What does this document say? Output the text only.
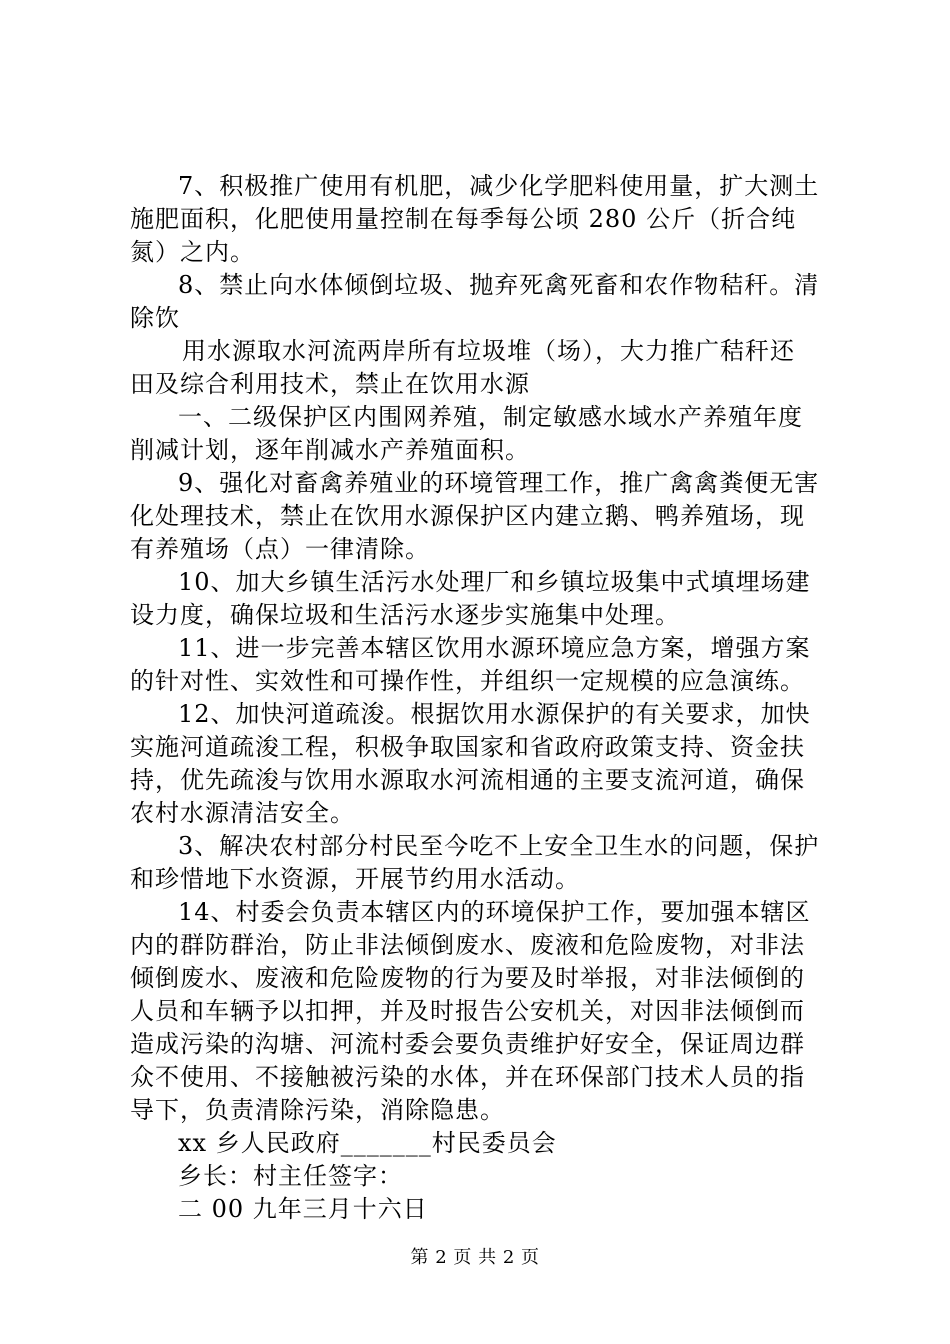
7、积极推广使用有机肥，减少化学肥料使用量，扩大测土
施肥面积，化肥使用量控制在每季每公顷 280 公斤（折合纯
氮）之内。

8、禁止向水体倾倒垃圾、抛弃死禽死畜和农作物秸秆。清
除饮

用水源取水河流两岸所有垃圾堆（场），大力推广秸秆还
田及综合利用技术，禁止在饮用水源

一、二级保护区内围网养殖，制定敏感水域水产养殖年度
削减计划，逐年削减水产养殖面积。

9、强化对畜禽养殖业的环境管理工作，推广禽禽粪便无害
化处理技术，禁止在饮用水源保护区内建立鹅、鸭养殖场，现
有养殖场（点）一律清除。

10、加大乡镇生活污水处理厂和乡镇垃圾集中式填埋场建
设力度，确保垃圾和生活污水逐步实施集中处理。

11、进一步完善本辖区饮用水源环境应急方案，增强方案
的针对性、实效性和可操作性，并组织一定规模的应急演练。

12、加快河道疏浚。根据饮用水源保护的有关要求，加快
实施河道疏浚工程，积极争取国家和省政府政策支持、资金扶
持，优先疏浚与饮用水源取水河流相通的主要支流河道，确保
农村水源清洁安全。

3、解决农村部分村民至今吃不上安全卫生水的问题，保护
和珍惜地下水资源，开展节约用水活动。

14、村委会负责本辖区内的环境保护工作，要加强本辖区
内的群防群治，防止非法倾倒废水、废液和危险废物，对非法
倾倒废水、废液和危险废物的行为要及时举报，对非法倾倒的
人员和车辆予以扣押，并及时报告公安机关，对因非法倾倒而
造成污染的沟塘、河流村委会要负责维护好安全，保证周边群
众不使用、不接触被污染的水体，并在环保部门技术人员的指
导下，负责清除污染，消除隐患。

xx 乡人民政府_______村民委员会

乡长：村主任签字：

二 00 九年三月十六日

第 2 页 共 2 页
